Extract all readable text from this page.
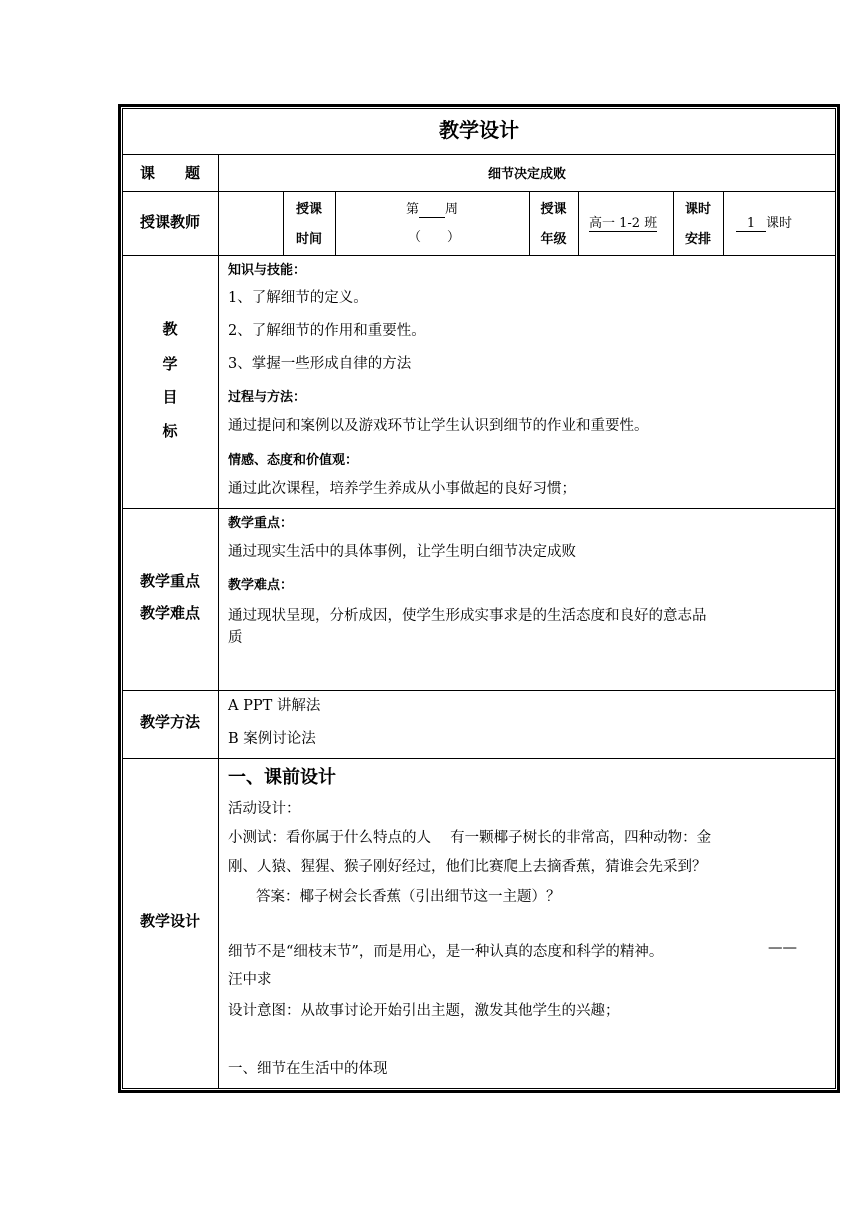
教学设计
课　　题	细节决定成败
授课教师
授课
时间
第 周
（　　）
授课
年级
高一 1-2 班
课时
安排
1 课时
教
学
目
标
知识与技能：
1、了解细节的定义。
2、了解细节的作用和重要性。
3、掌握一些形成自律的方法
过程与方法：
通过提问和案例以及游戏环节让学生认识到细节的作业和重要性。
情感、态度和价值观：
通过此次课程，培养学生养成从小事做起的良好习惯；
教学重点
教学难点
教学重点：
通过现实生活中的具体事例，让学生明白细节决定成败
教学难点：
通过现状呈现，分析成因，使学生形成实事求是的生活态度和良好的意志品
质
教学方法
A PPT 讲解法
B 案例讨论法
教学设计
一、课前设计
活动设计：
小测试：看你属于什么特点的人　 有一颗椰子树长的非常高，四种动物：金
刚、人猿、猩猩、猴子刚好经过，他们比赛爬上去摘香蕉，猜谁会先采到？
答案：椰子树会长香蕉（引出细节这一主题）？
细节不是“细枝末节”，而是用心，是一种认真的态度和科学的精神。	——
汪中求
设计意图：从故事讨论开始引出主题，激发其他学生的兴趣；
一、细节在生活中的体现
